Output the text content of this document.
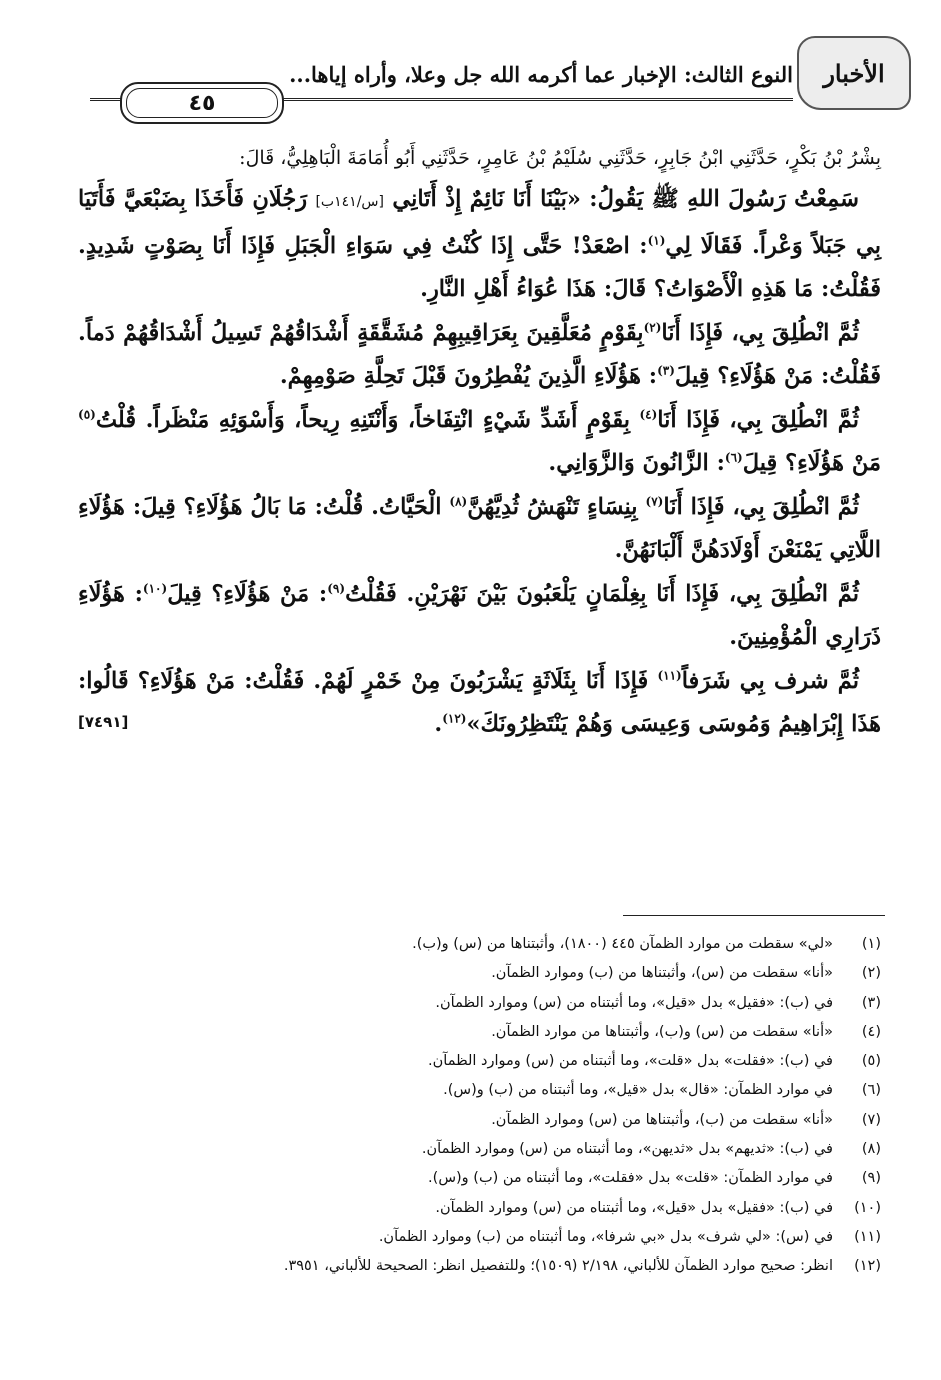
الأخبار
النوع الثالث: الإخبار عما أكرمه الله جل وعلا، وأراه إياها...
٤٥

بِشْرُ بْنُ بَكْرٍ، حَدَّثَنِي ابْنُ جَابِرٍ، حَدَّثَنِي سُلَيْمُ بْنُ عَامِرٍ، حَدَّثَنِي أَبُو أُمَامَةَ الْبَاهِلِيُّ، قَالَ:

سَمِعْتُ رَسُولَ اللهِ ﷺ يَقُولُ: «بَيْنَا أَنَا نَائِمٌ إِذْ أَتَانِي [س/١٤١ب] رَجُلَانِ فَأَخَذَا بِضَبْعَيَّ فَأَتَيَا بِي جَبَلاً وَعْراً. فَقَالَا لِي$^{(١)}$: اصْعَدْ! حَتَّى إِذَا كُنْتُ فِي سَوَاءِ الْجَبَلِ فَإِذَا أَنَا بِصَوْتٍ شَدِيدٍ. فَقُلْتُ: مَا هَذِهِ الْأَصْوَاتُ؟ قَالَ: هَذَا عُوَاءُ أَهْلِ النَّارِ.

ثُمَّ انْطُلِقَ بِي، فَإِذَا أَنَا$^{(٢)}$بِقَوْمٍ مُعَلَّقِينَ بِعَرَاقِيبِهِمْ مُشَقَّقَةٍ أَشْدَاقُهُمْ تَسِيلُ أَشْدَاقُهُمْ دَماً. فَقُلْتُ: مَنْ هَؤُلَاءِ؟ قِيلَ$^{(٣)}$: هَؤُلَاءِ الَّذِينَ يُفْطِرُونَ قَبْلَ تَحِلَّةِ صَوْمِهِمْ.

ثُمَّ انْطُلِقَ بِي، فَإِذَا أَنَا$^{(٤)}$ بِقَوْمٍ أَشَدِّ شَيْءٍ انْتِفَاخاً، وَأَنْتَنِهِ رِيحاً، وَأَسْوَئِهِ مَنْظَراً. قُلْتُ$^{(٥)}$ مَنْ هَؤُلَاءِ؟ قِيلَ$^{(٦)}$: الزَّانُونَ وَالزَّوَانِي.

ثُمَّ انْطُلِقَ بِي، فَإِذَا أَنَا$^{(٧)}$ بِنِسَاءٍ تَنْهَشُ ثُدِيَّهُنَّ$^{(٨)}$ الْحَيَّاتُ. قُلْتُ: مَا بَالُ هَؤُلَاءِ؟ قِيلَ: هَؤُلَاءِ اللَّاتِي يَمْنَعْنَ أَوْلَادَهُنَّ أَلْبَانَهُنَّ.

ثُمَّ انْطُلِقَ بِي، فَإِذَا أَنَا بِغِلْمَانٍ يَلْعَبُونَ بَيْنَ نَهْرَيْنِ. فَقُلْتُ$^{(٩)}$: مَنْ هَؤُلَاءِ؟ قِيلَ$^{(١٠)}$: هَؤُلَاءِ ذَرَارِي الْمُؤْمِنِينَ.

ثُمَّ شرف بِي شَرَفاً$^{(١١)}$ فَإِذَا أَنَا بِثَلَاثَةٍ يَشْرَبُونَ مِنْ خَمْرٍ لَهُمْ. فَقُلْتُ: مَنْ هَؤُلَاءِ؟ قَالُوا: هَذَا إِبْرَاهِيمُ وَمُوسَى وَعِيسَى وَهُمْ يَنْتَظِرُونَكَ»$^{(١٢)}$.
[٧٤٩١]

(١)
«لي» سقطت من موارد الظمآن ٤٤٥ (١٨٠٠)، وأثبتناها من (س) و(ب).
(٢)
«أنا» سقطت من (س)، وأثبتناها من (ب) وموارد الظمآن.
(٣)
في (ب): «فقيل» بدل «قيل»، وما أثبتناه من (س) وموارد الظمآن.
(٤)
«أنا» سقطت من (س) و(ب)، وأثبتناها من موارد الظمآن.
(٥)
في (ب): «فقلت» بدل «قلت»، وما أثبتناه من (س) وموارد الظمآن.
(٦)
في موارد الظمآن: «قال» بدل «قيل»، وما أثبتناه من (ب) و(س).
(٧)
«أنا» سقطت من (ب)، وأثبتناها من (س) وموارد الظمآن.
(٨)
في (ب): «ثديهم» بدل «ثديهن»، وما أثبتناه من (س) وموارد الظمآن.
(٩)
في موارد الظمآن: «قلت» بدل «فقلت»، وما أثبتناه من (ب) و(س).
(١٠)
في (ب): «فقيل» بدل «قيل»، وما أثبتناه من (س) وموارد الظمآن.
(١١)
في (س): «لي شرف» بدل «بي شرفا»، وما أثبتناه من (ب) وموارد الظمآن.
(١٢)
انظر: صحيح موارد الظمآن للألباني، ٢/١٩٨ (١٥٠٩)؛ وللتفصيل انظر: الصحيحة للألباني، ٣٩٥١.
